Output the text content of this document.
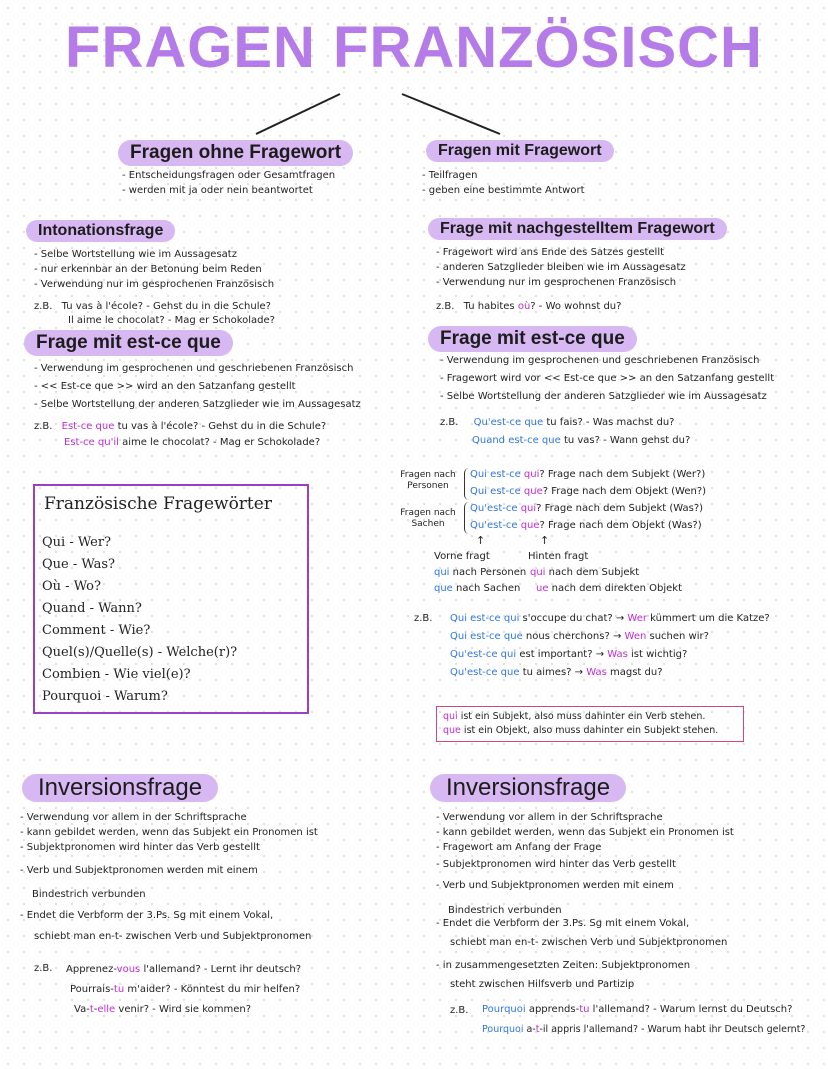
FRAGEN FRANZÖSISCH
Fragen ohne Fragewort
- Entscheidungsfragen oder Gesamtfragen
- werden mit ja oder nein beantwortet
Fragen mit Fragewort
- Teilfragen
- geben eine bestimmte Antwort
Intonationsfrage
- Selbe Wortstellung wie im Aussagesatz
- nur erkennbar an der Betonung beim Reden
- Verwendung nur im gesprochenen Französisch
z.B. Tu vas à l'école? - Gehst du in die Schule?
Il aime le chocolat? - Mag er Schokolade?
Frage mit nachgestelltem Fragewort
- Fragewort wird ans Ende des Satzes gestellt
- anderen Satzglieder bleiben wie im Aussagesatz
- Verwendung nur im gesprochenen Französisch
z.B. Tu habites où? - Wo wohnst du?
Frage mit est-ce que
- Verwendung im gesprochenen und geschriebenen Französisch
- << Est-ce que >> wird an den Satzanfang gestellt
- Selbe Wortstellung der anderen Satzglieder wie im Aussagesatz
z.B. Est-ce que tu vas à l'école? - Gehst du in die Schule?
Est-ce qu'il aime le chocolat? - Mag er Schokolade?
Frage mit est-ce que
- Verwendung im gesprochenen und geschriebenen Französisch
- Fragewort wird vor << Est-ce que >> an den Satzanfang gestellt
- Selbe Wortstellung der anderen Satzglieder wie im Aussagesatz
z.B. Qu'est-ce que tu fais? - Was machst du?
Quand est-ce que tu vas? - Wann gehst du?
Französische Fragewörter
Qui - Wer?
Que - Was?
Où - Wo?
Quand - Wann?
Comment - Wie?
Quel(s)/Quelle(s) - Welche(r)?
Combien - Wie viel(e)?
Pourquoi - Warum?
Fragen nach Personen
Fragen nach Sachen
Qui est-ce qui? Frage nach dem Subjekt (Wer?)
Qui est-ce que? Frage nach dem Objekt (Wen?)
Qu'est-ce qui? Frage nach dem Subjekt (Was?)
Qu'est-ce que? Frage nach dem Objekt (Was?)
↑	↑
Vorne fragt	Hinten fragt
qui nach Personen
que nach Sachen
qui nach dem Subjekt
ue nach dem direkten Objekt
z.B. Qui est-ce qui s'occupe du chat? → Wer kümmert um die Katze?
Qui est-ce que nous cherchons? → Wen suchen wir?
Qu'est-ce qui est important? → Was ist wichtig?
Qu'est-ce que tu aimes? → Was magst du?
qui ist ein Subjekt, also muss dahinter ein Verb stehen.
que ist ein Objekt, also muss dahinter ein Subjekt stehen.
Inversionsfrage
- Verwendung vor allem in der Schriftsprache
- kann gebildet werden, wenn das Subjekt ein Pronomen ist
- Subjektpronomen wird hinter das Verb gestellt
- Verb und Subjektpronomen werden mit einem
Bindestrich verbunden
- Endet die Verbform der 3.Ps. Sg mit einem Vokal,
schiebt man en-t- zwischen Verb und Subjektpronomen
z.B. Apprenez-vous l'allemand? - Lernt ihr deutsch?
Pourrais-tu m'aider? - Könntest du mir helfen?
Va-t-elle venir? - Wird sie kommen?
Inversionsfrage
- Verwendung vor allem in der Schriftsprache
- kann gebildet werden, wenn das Subjekt ein Pronomen ist
- Fragewort am Anfang der Frage
- Subjektpronomen wird hinter das Verb gestellt
- Verb und Subjektpronomen werden mit einem
Bindestrich verbunden
- Endet die Verbform der 3.Ps. Sg mit einem Vokal,
schiebt man en-t- zwischen Verb und Subjektpronomen
- in zusammengesetzten Zeiten: Subjektpronomen
steht zwischen Hilfsverb und Partizip
z.B. Pourquoi apprends-tu l'allemand? - Warum lernst du Deutsch?
Pourquoi a-t-il appris l'allemand? - Warum habt ihr Deutsch gelernt?
